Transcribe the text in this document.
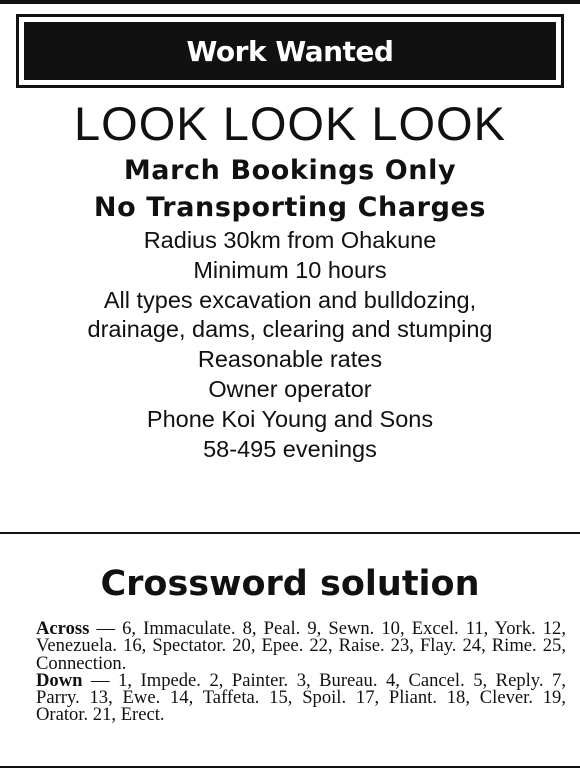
Work Wanted

LOOK LOOK LOOK

March Bookings Only

No Transporting Charges

Radius 30km from Ohakune

Minimum 10 hours

All types excavation and bulldozing,

drainage, dams, clearing and stumping

Reasonable rates

Owner operator

Phone Koi Young and Sons

58-495 evenings

Crossword solution

Across — 6, Immaculate. 8, Peal. 9, Sewn. 10, Excel. 11, York. 12, Venezuela. 16, Spectator. 20, Epee. 22, Raise. 23, Flay. 24, Rime. 25, Connection.
Down — 1, Impede. 2, Painter. 3, Bureau. 4, Cancel. 5, Reply. 7, Parry. 13, Ewe. 14, Taffeta. 15, Spoil. 17, Pliant. 18, Clever. 19, Orator. 21, Erect.
